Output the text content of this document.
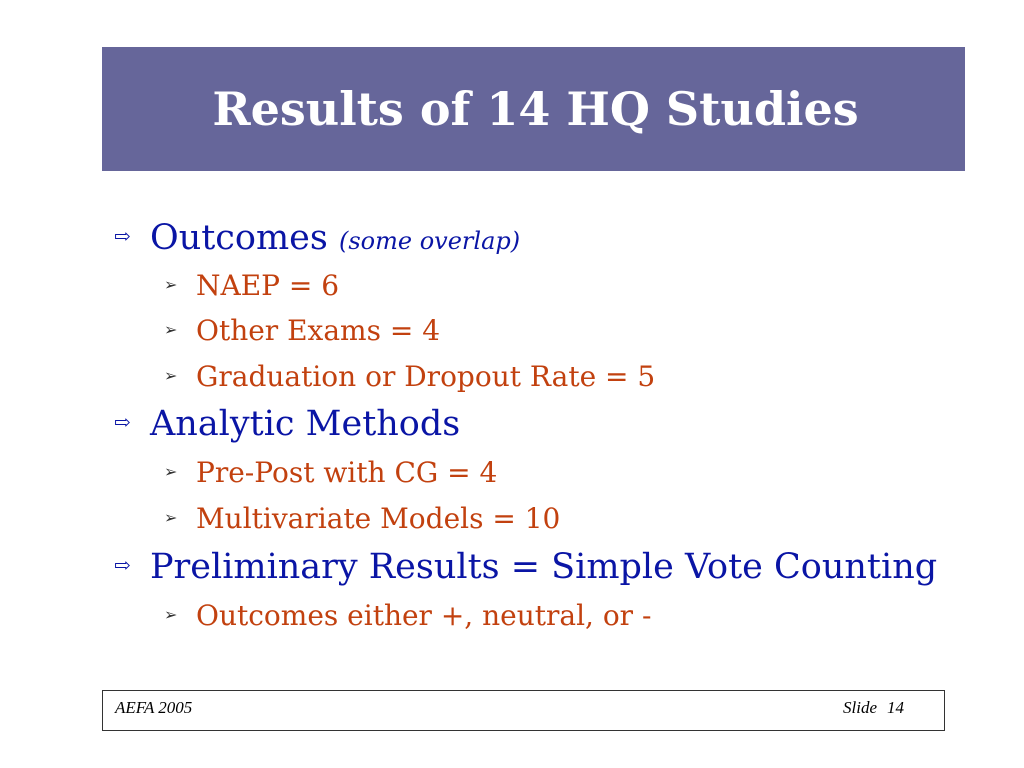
Results of 14 HQ Studies
⇨ Outcomes (some overlap)
➢ NAEP = 6
➢ Other Exams = 4
➢ Graduation or Dropout Rate = 5
⇨ Analytic Methods
➢ Pre-Post with CG = 4
➢ Multivariate Models = 10
⇨ Preliminary Results = Simple Vote Counting
➢ Outcomes either +, neutral, or -
AEFA 2005	Slide 14
